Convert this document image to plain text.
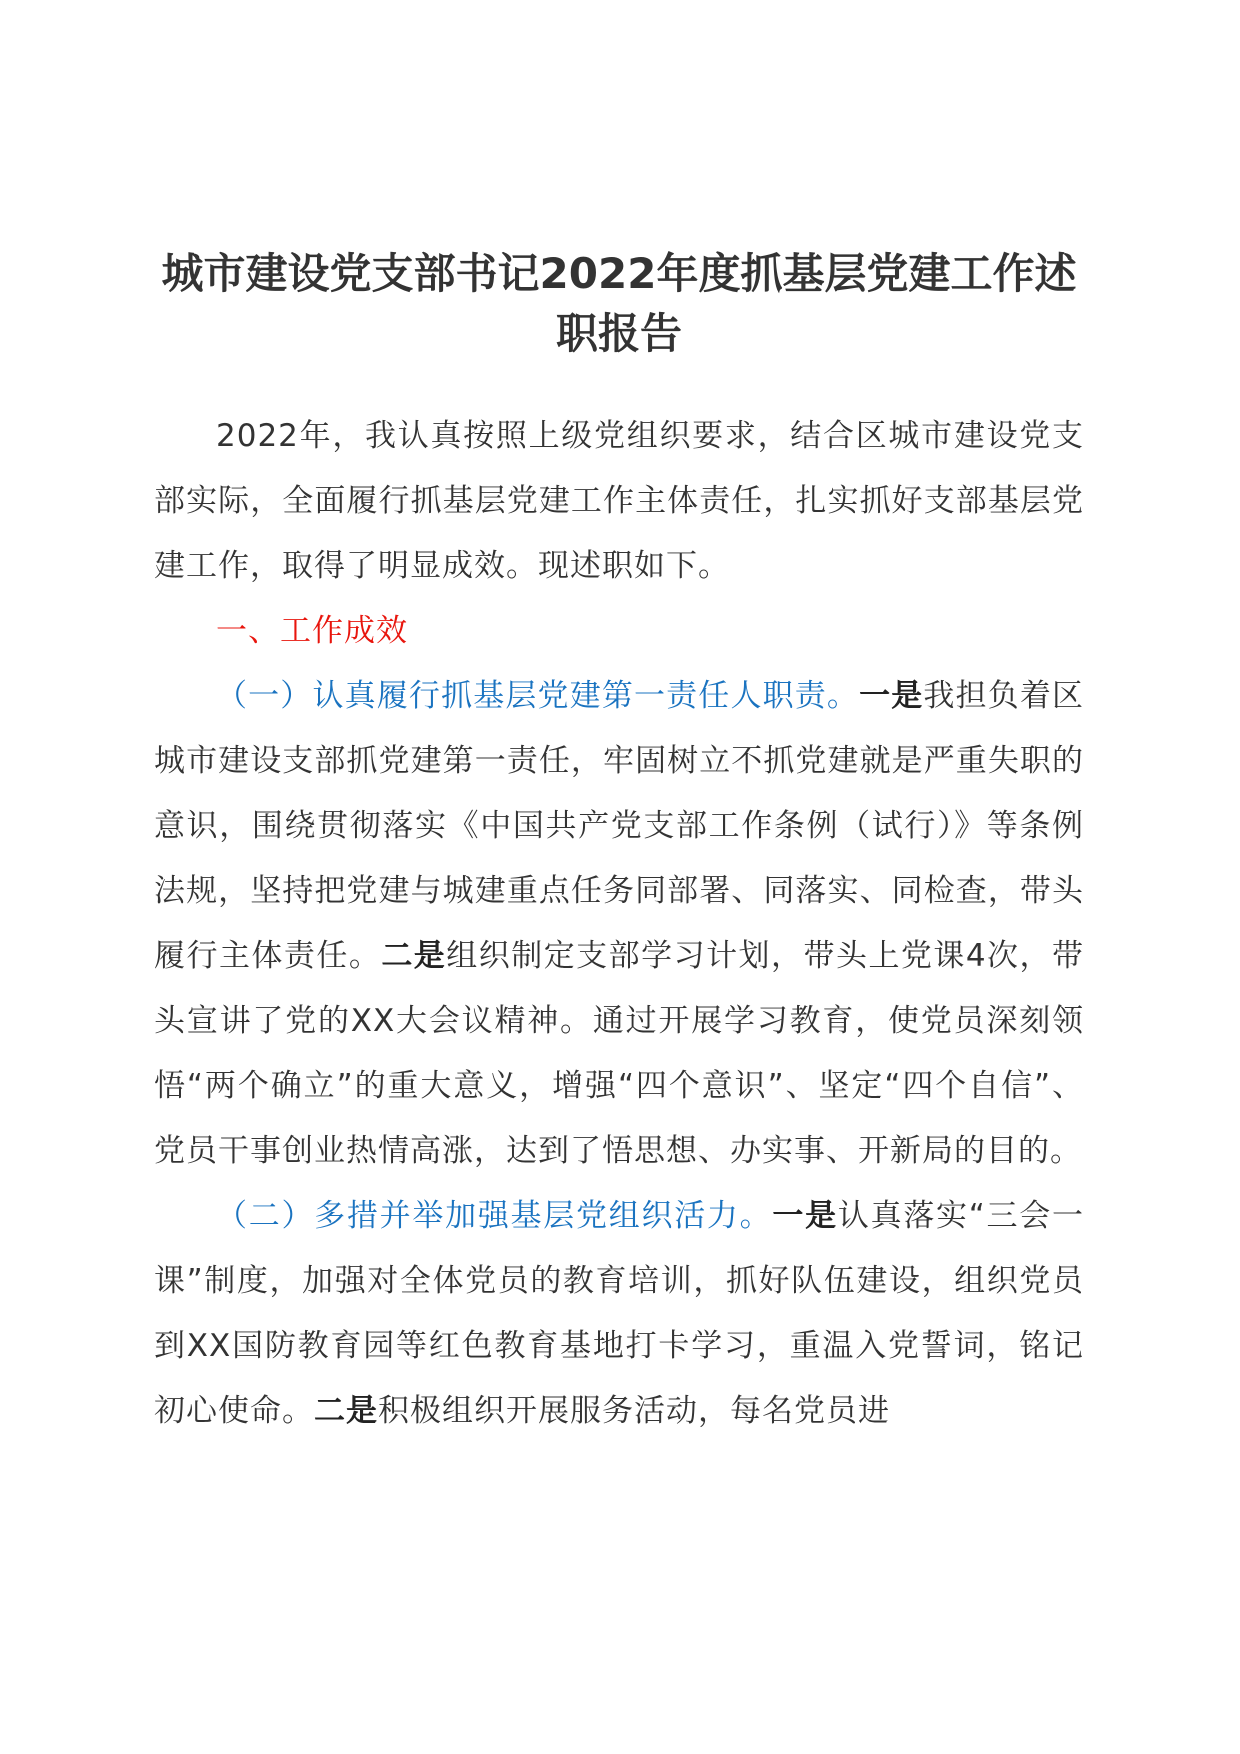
城市建设党支部书记2022年度抓基层党建工作述职报告

2022年，我认真按照上级党组织要求，结合区城市建设党支部实际，全面履行抓基层党建工作主体责任，扎实抓好支部基层党建工作，取得了明显成效。现述职如下。

一、工作成效

（一）认真履行抓基层党建第一责任人职责。一是我担负着区城市建设支部抓党建第一责任，牢固树立不抓党建就是严重失职的意识，围绕贯彻落实《中国共产党支部工作条例（试行）》等条例法规，坚持把党建与城建重点任务同部署、同落实、同检查，带头履行主体责任。二是组织制定支部学习计划，带头上党课4次，带头宣讲了党的XX大会议精神。通过开展学习教育，使党员深刻领悟“两个确立”的重大意义，增强“四个意识”、坚定“四个自信”、党员干事创业热情高涨，达到了悟思想、办实事、开新局的目的。

（二）多措并举加强基层党组织活力。一是认真落实“三会一课”制度，加强对全体党员的教育培训，抓好队伍建设，组织党员到XX国防教育园等红色教育基地打卡学习，重温入党誓词，铭记初心使命。二是积极组织开展服务活动，每名党员进
